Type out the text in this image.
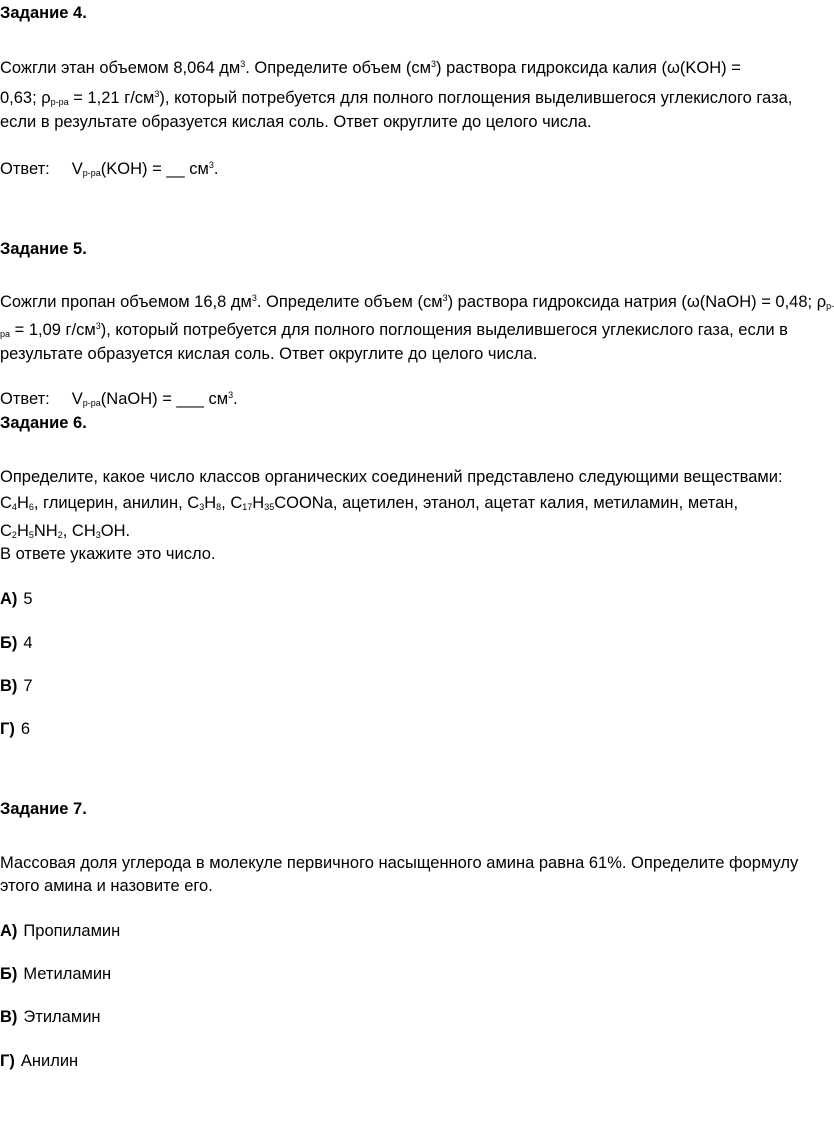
Задание 4.
Сожгли этан объемом 8,064 $дм^3$. Определите объем $(см^3)$ раствора гидроксида калия (ω(KOH) =
0,63; $\rho_{р-ра} = 1,21$ $г/см^3$), который потребуется для полного поглощения выделившегося углекислого газа,
если в результате образуется кислая соль. Ответ округлите до целого числа.
Ответ: $V_{р-ра}(KOH)$ = __ $см^3$.
Задание 5.
Сожгли пропан объемом 16,8 $дм^3$. Определите объем $(см^3)$ раствора гидроксида натрия (ω(NaOH) = 0,48; $\rho_{р-}$
$_{ра}$ = 1,09 $г/см^3$), который потребуется для полного поглощения выделившегося углекислого газа, если в
результате образуется кислая соль. Ответ округлите до целого числа.
Ответ: $V_{р-ра}(NaOH)$ = ___ $см^3$.
Задание 6.
Определите, какое число классов органических соединений представлено следующими веществами:
$C_4H_6$, глицерин, анилин, $C_3H_8$, $C_{17}H_{35}COONa$, ацетилен, этанол, ацетат калия, метиламин, метан,
$C_2H_5NH_2$, $CH_3OH$.
В ответе укажите это число.
А) 5
Б) 4
В) 7
Г) 6
Задание 7.
Массовая доля углерода в молекуле первичного насыщенного амина равна 61%. Определите формулу
этого амина и назовите его.
А) Пропиламин
Б) Метиламин
В) Этиламин
Г) Анилин
